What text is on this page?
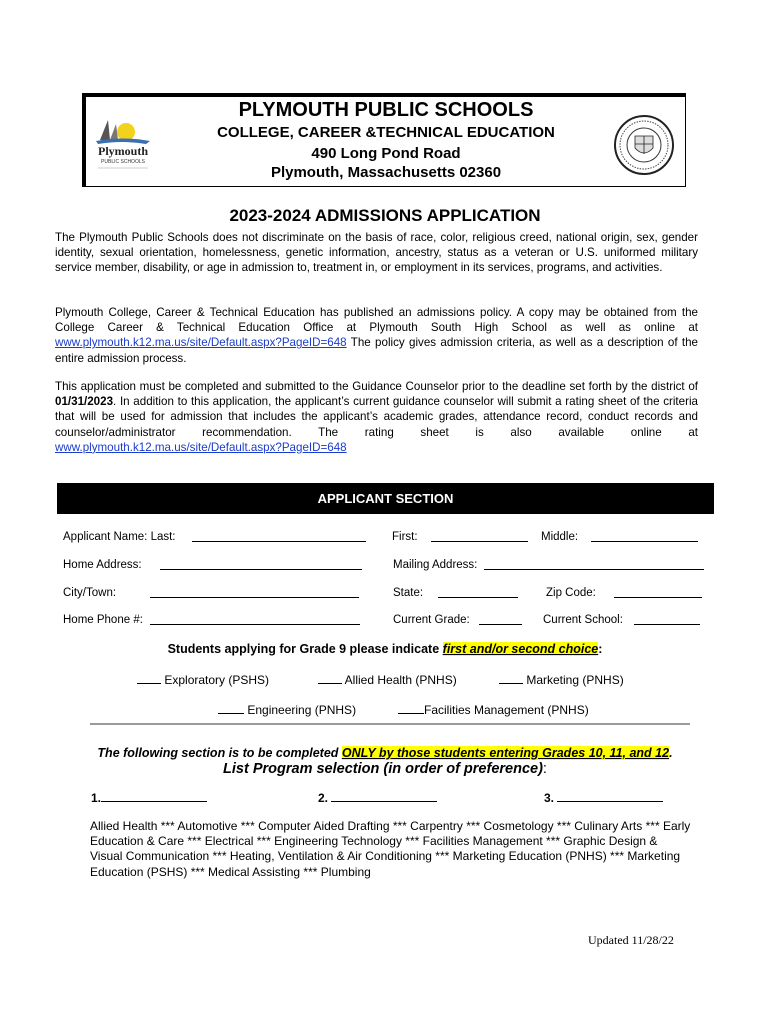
Plymouth
PUBLIC SCHOOLS
PLYMOUTH PUBLIC SCHOOLS
COLLEGE, CAREER &TECHNICAL EDUCATION
490 Long Pond Road
Plymouth, Massachusetts 02360
2023-2024 ADMISSIONS APPLICATION
The Plymouth Public Schools does not discriminate on the basis of race, color, religious creed, national origin, sex, gender identity, sexual orientation, homelessness, genetic information, ancestry, status as a veteran or U.S. uniformed military service member, disability, or age in admission to, treatment in, or employment in its services, programs, and activities.
Plymouth College, Career & Technical Education has published an admissions policy. A copy may be obtained from the College Career & Technical Education Office at Plymouth South High School as well as online at www.plymouth.k12.ma.us/site/Default.aspx?PageID=648 The policy gives admission criteria, as well as a description of the entire admission process.
This application must be completed and submitted to the Guidance Counselor prior to the deadline set forth by the district of 01/31/2023. In addition to this application, the applicant’s current guidance counselor will submit a rating sheet of the criteria that will be used for admission that includes the applicant’s academic grades, attendance record, conduct records and counselor/administrator recommendation. The rating sheet is also available online at www.plymouth.k12.ma.us/site/Default.aspx?PageID=648
APPLICANT SECTION
Applicant Name: Last:	First:	Middle:
Home Address:	Mailing Address:
City/Town:	State:	Zip Code:
Home Phone #:	Current Grade:	Current School:
Students applying for Grade 9 please indicate first and/or second choice:
Exploratory (PSHS)	Allied Health (PNHS)	Marketing (PNHS)
Engineering (PNHS)	Facilities Management (PNHS)
The following section is to be completed ONLY by those students entering Grades 10, 11, and 12.
List Program selection (in order of preference):
1.	2.	3.
Allied Health *** Automotive *** Computer Aided Drafting *** Carpentry *** Cosmetology *** Culinary Arts *** Early Education & Care *** Electrical *** Engineering Technology *** Facilities Management *** Graphic Design & Visual Communication *** Heating, Ventilation & Air Conditioning *** Marketing Education (PNHS) *** Marketing Education (PSHS) *** Medical Assisting *** Plumbing
Updated 11/28/22
